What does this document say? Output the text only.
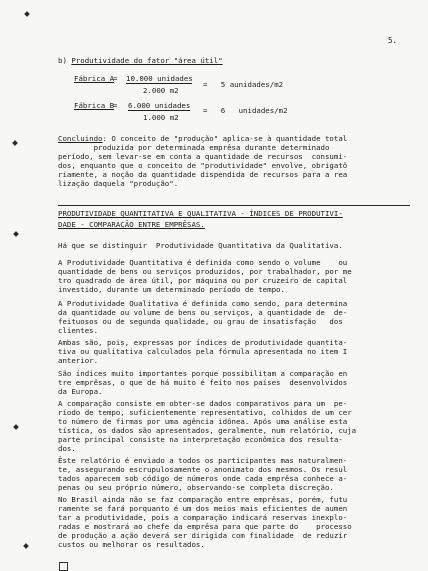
5.
b) Produtividade do fator "área útil"
Fábrica A
= 10.000 unidades
2.000 m2
=   5 aunidades/m2
Fábrica B
= 6.000 unidades
1.000 m2
=   6   unidades/m2
Concluindo: O conceito de "produção" aplica-se à quantidade total
produzida por determinada emprêsa durante determinado
período, sem levar-se em conta a quantidade de recursos  consumi-
dos, enquanto que o conceito de "produtividade" envolve, obrigatô
riamente, a noção da quantidade dispendida de recursos para a rea
lização daquela "produção".
PRODUTIVIDADE QUANTITATIVA E QUALITATIVA - ÍNDICES DE PRODUTIVI-
DADE - COMPARAÇÃO ENTRE EMPRÊSAS.
Há que se distinguir  Produtividade Quantitativa da Qualitativa.
A Produtividade Quantitativa é definida como sendo o volume    ou
quantidade de bens ou serviços produzidos, por trabalhador, por me
tro quadrado de área útil, por máquina ou por cruzeiro de capital
investido, durante um determinado período de tempo.
A Produtividade Qualitativa é definida como sendo, para determina
da quantidade ou volume de bens ou serviços, a quantidade de  de-
feituosos ou de segunda qualidade, ou grau de insatisfação   dos
clientes.
Ambas são, pois, expressas por índices de produtividade quantita-
tiva ou qualitativa calculados pela fórmula apresentada no item I
anterior.
São índices muito importantes porque possibilitam a comparação en
tre emprêsas, o que de há muito é feito nos países  desenvolvidos
da Europa.
A comparação consiste em obter-se dados comparativos para um  pe-
ríodo de tempo, suficientemente representativo, colhidos de um cer
to número de firmas por uma agência idônea. Após uma análise esta
tística, os dados são apresentados, geralmente, num relatório, cuja
parte principal consiste na interpretação econômica dos resulta-
dos.
Êste relatório é enviado a todos os participantes mas naturalmen-
te, assegurando escrupulosamente o anonimato dos mesmos. Os resul
tados aparecem sob código de números onde cada emprêsa conhece a-
penas ou seu próprio número, observando-se completa discreção.
No Brasil ainda não se faz comparação entre emprêsas, porém, futu
ramente se fará porquanto é um dos meios mais eficientes de aumen
tar a produtividade, pois a comparação indicará reservas inexplo-
radas e mostrará ao chefe da emprêsa para que parte do    processo
de produção a ação deverá ser dirigida com finalidade  de reduzir
custos ou melhorar os resultados.
